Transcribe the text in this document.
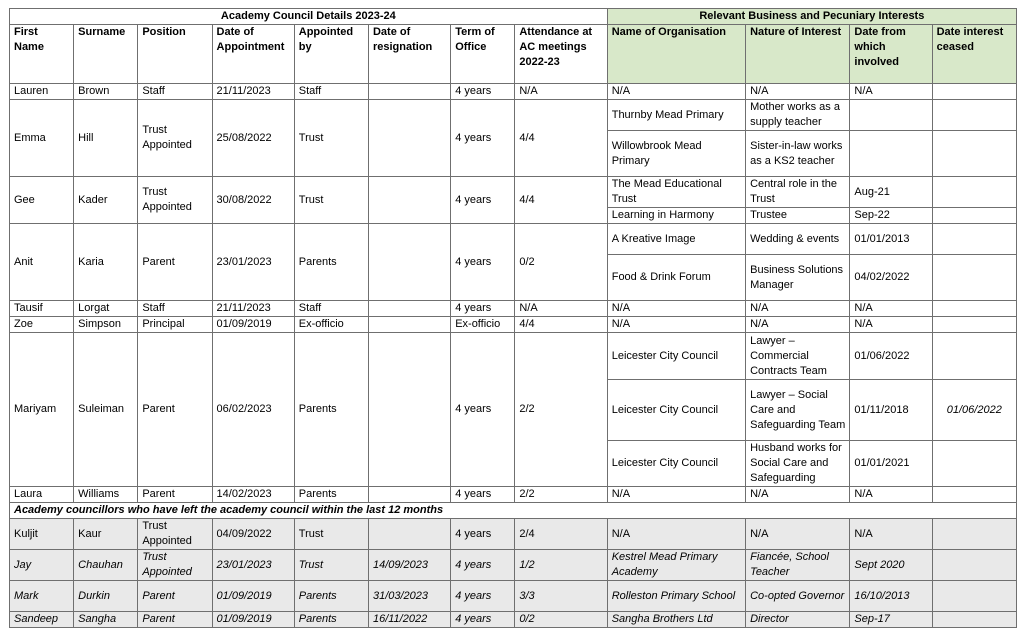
Academy Council Details 2023-24								Relevant Business and Pecuniary Interests			
First Name	Surname	Position	Date of Appointment	Appointed by	Date of resignation	Term of Office	Attendance at AC meetings 2022-23	Name of Organisation	Nature of Interest	Date from which involved	Date interest ceased
Lauren	Brown	Staff	21/11/2023	Staff		4 years	N/A	N/A	N/A	N/A	
Emma	Hill	Trust Appointed	25/08/2022	Trust		4 years	4/4	Thurnby Mead Primary	Mother works as a supply teacher		
								Willowbrook Mead Primary	Sister-in-law works as a KS2 teacher		
Gee	Kader	Trust Appointed	30/08/2022	Trust		4 years	4/4	The Mead Educational Trust	Central role in the Trust	Aug-21	
								Learning in Harmony	Trustee	Sep-22	
Anit	Karia	Parent	23/01/2023	Parents		4 years	0/2	A Kreative Image	Wedding & events	01/01/2013	
								Food & Drink Forum	Business Solutions Manager	04/02/2022	
Tausif	Lorgat	Staff	21/11/2023	Staff		4 years	N/A	N/A	N/A	N/A	
Zoe	Simpson	Principal	01/09/2019	Ex-officio		Ex-officio	4/4	N/A	N/A	N/A	
Mariyam	Suleiman	Parent	06/02/2023	Parents		4 years	2/2	Leicester City Council	Lawyer – Commercial Contracts Team	01/06/2022	
								Leicester City Council	Lawyer – Social Care and Safeguarding Team	01/11/2018	01/06/2022
								Leicester City Council	Husband works for Social Care and Safeguarding	01/01/2021	
Laura	Williams	Parent	14/02/2023	Parents		4 years	2/2	N/A	N/A	N/A	
Academy councillors who have left the academy council within the last 12 months											
Kuljit	Kaur	Trust Appointed	04/09/2022	Trust		4 years	2/4	N/A	N/A	N/A	
Jay	Chauhan	Trust Appointed	23/01/2023	Trust	14/09/2023	4 years	1/2	Kestrel Mead Primary Academy	Fiancée, School Teacher	Sept 2020	
Mark	Durkin	Parent	01/09/2019	Parents	31/03/2023	4 years	3/3	Rolleston Primary School	Co-opted Governor	16/10/2013	
Sandeep	Sangha	Parent	01/09/2019	Parents	16/11/2022	4 years	0/2	Sangha Brothers Ltd	Director	Sep-17	
